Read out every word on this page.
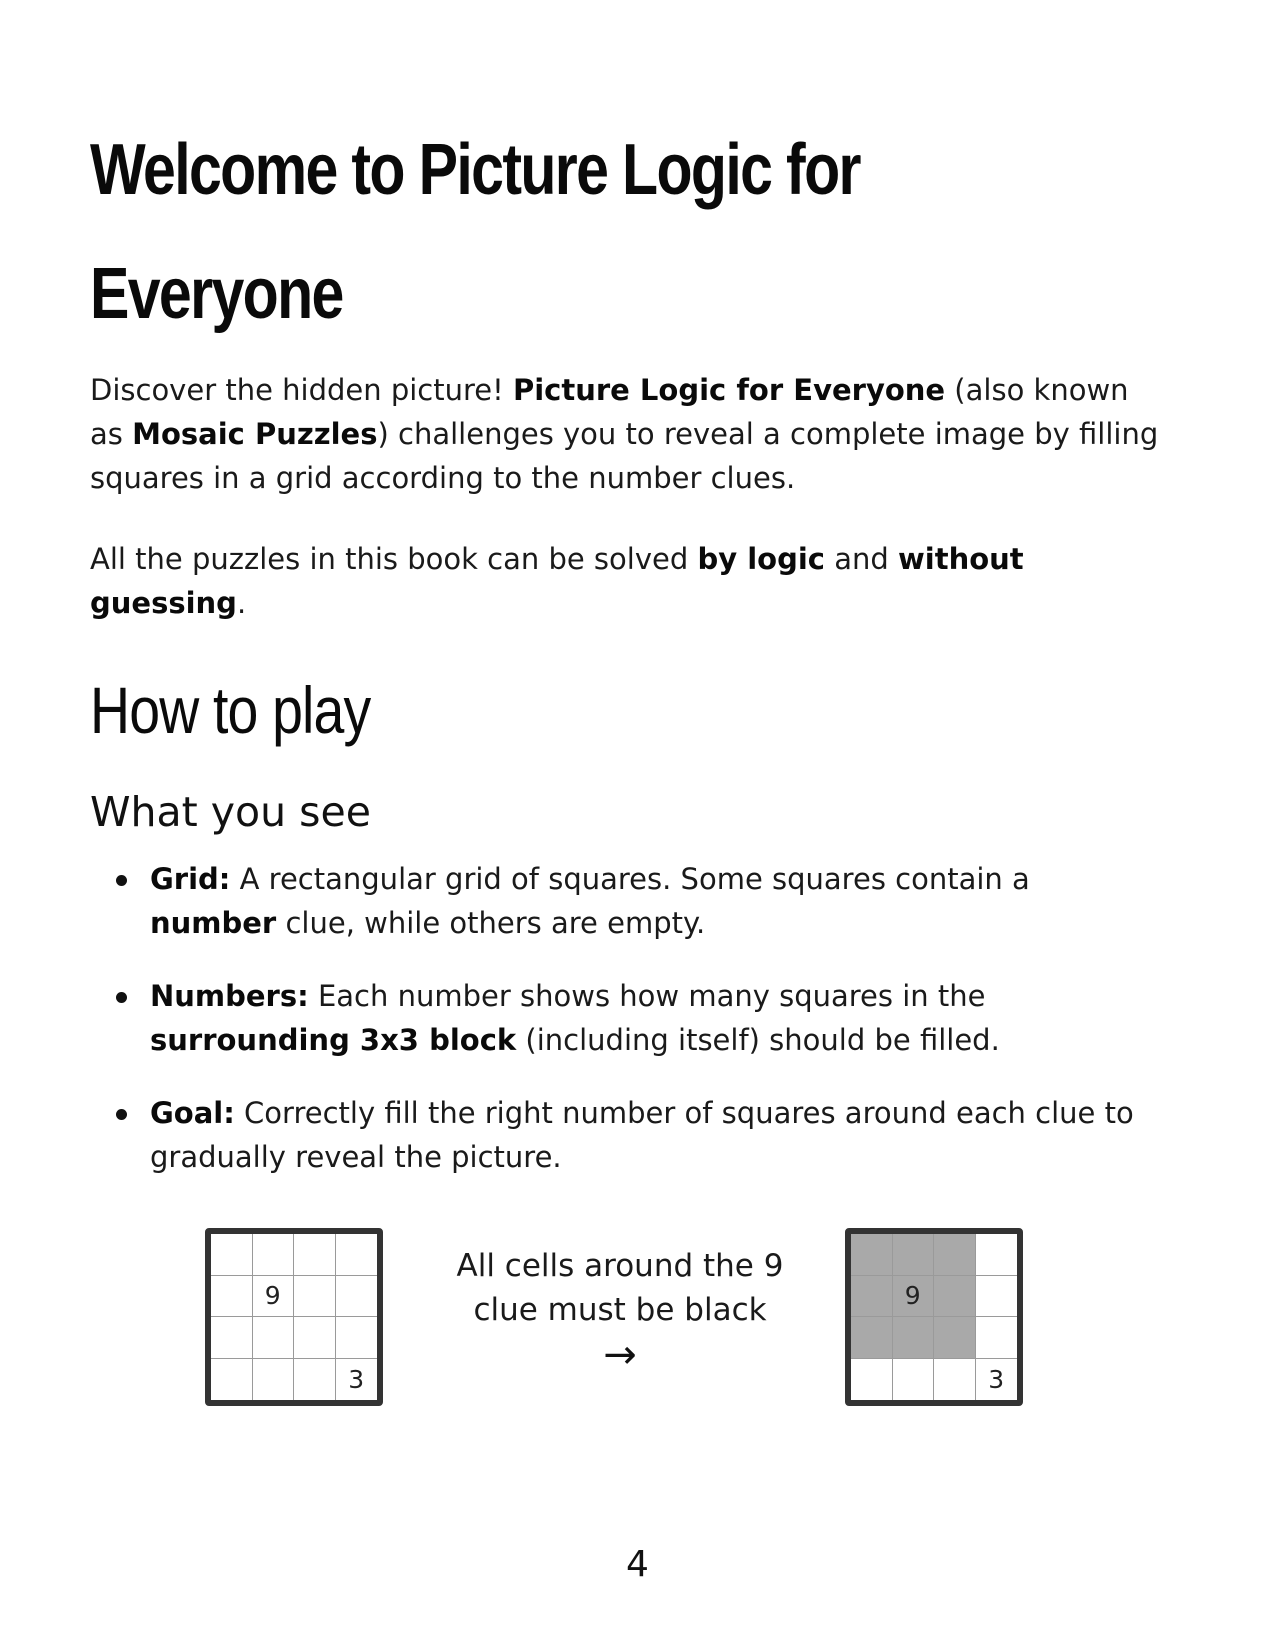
Welcome to Picture Logic for Everyone

Discover the hidden picture! Picture Logic for Everyone (also known as Mosaic Puzzles) challenges you to reveal a complete image by filling squares in a grid according to the number clues.

All the puzzles in this book can be solved by logic and without guessing.

How to play
What you see
Grid: A rectangular grid of squares. Some squares contain a number clue, while others are empty.
Numbers: Each number shows how many squares in the surrounding 3x3 block (including itself) should be filled.
Goal: Correctly fill the right number of squares around each clue to gradually reveal the picture.
9
3
All cells around the 9 clue must be black
→
9
3
4
